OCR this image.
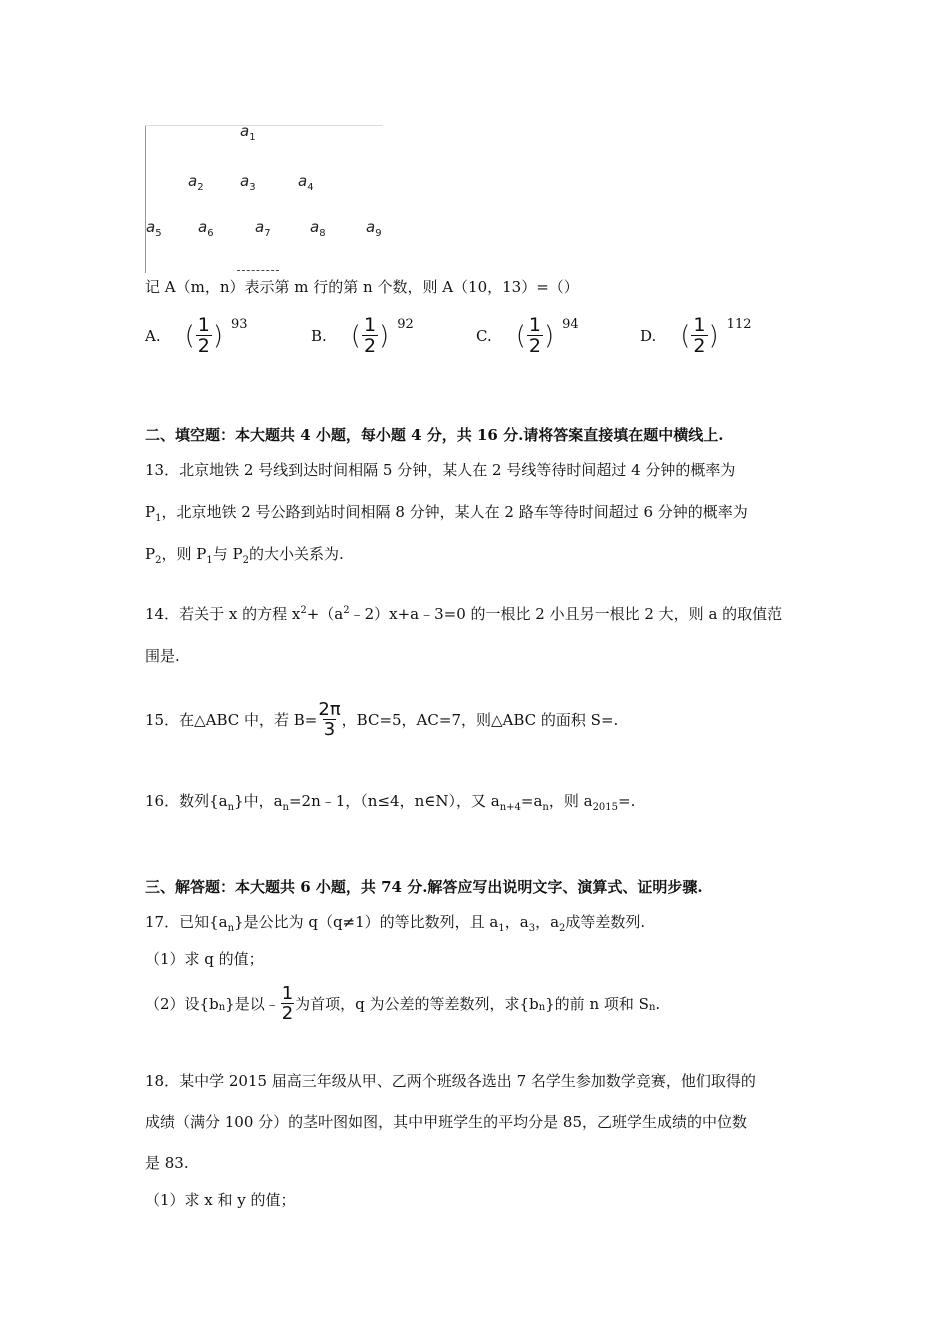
$a_1$
$a_2$ $a_3$	$a_4$
$a_5$ $a_6$	$a_7$	$a_8$	$a_9$
记 A（m，n）表示第 m 行的第 n 个数，则 A（10，13）=（）
A. ( $\frac{1}{2}$ ) 93
B. ( $\frac{1}{2}$ ) 92
C. ( $\frac{1}{2}$ ) 94
D. ( $\frac{1}{2}$ ) 112
二、填空题：本大题共 4 小题，每小题 4 分，共 16 分.请将答案直接填在题中横线上.
13．北京地铁 2 号线到达时间相隔 5 分钟，某人在 2 号线等待时间超过 4 分钟的概率为
$P_1$，北京地铁 2 号公路到站时间相隔 8 分钟，某人在 2 路车等待时间超过 6 分钟的概率为
$P_2$，则 $P_1$与 $P_2$的大小关系为.
14．若关于 x 的方程 $x^2+(a^2﹣2)x+a﹣3=0$ 的一根比 2 小且另一根比 2 大，则 a 的取值范
围是.
15．在△ABC 中，若 $B= \frac{2\pi}{3}$ ，BC=5，AC=7，则△ABC 的面积 S=.
16．数列$\{a_n\}$中，$a_n=2n﹣1$，（n≤4，n∈N），又 $a_{n+4}=a_n$，则 $a_{2015}=$.
三、解答题：本大题共 6 小题，共 74 分.解答应写出说明文字、演算式、证明步骤.
17．已知$\{a_n\}$是公比为 q（q≠1）的等比数列，且 $a_1$，$a_3$，$a_2$成等差数列.
（1）求 q 的值；
（2）设{$b_n$ }是以﹣ $\frac{1}{2}$ 为首项，q 为公差的等差数列，求{$b_n$ }的前 n 项和 $S_n$ .
18．某中学 2015 届高三年级从甲、乙两个班级各选出 7 名学生参加数学竞赛，他们取得的
成绩（满分 100 分）的茎叶图如图，其中甲班学生的平均分是 85，乙班学生成绩的中位数
是 83.
（1）求 x 和 y 的值；
